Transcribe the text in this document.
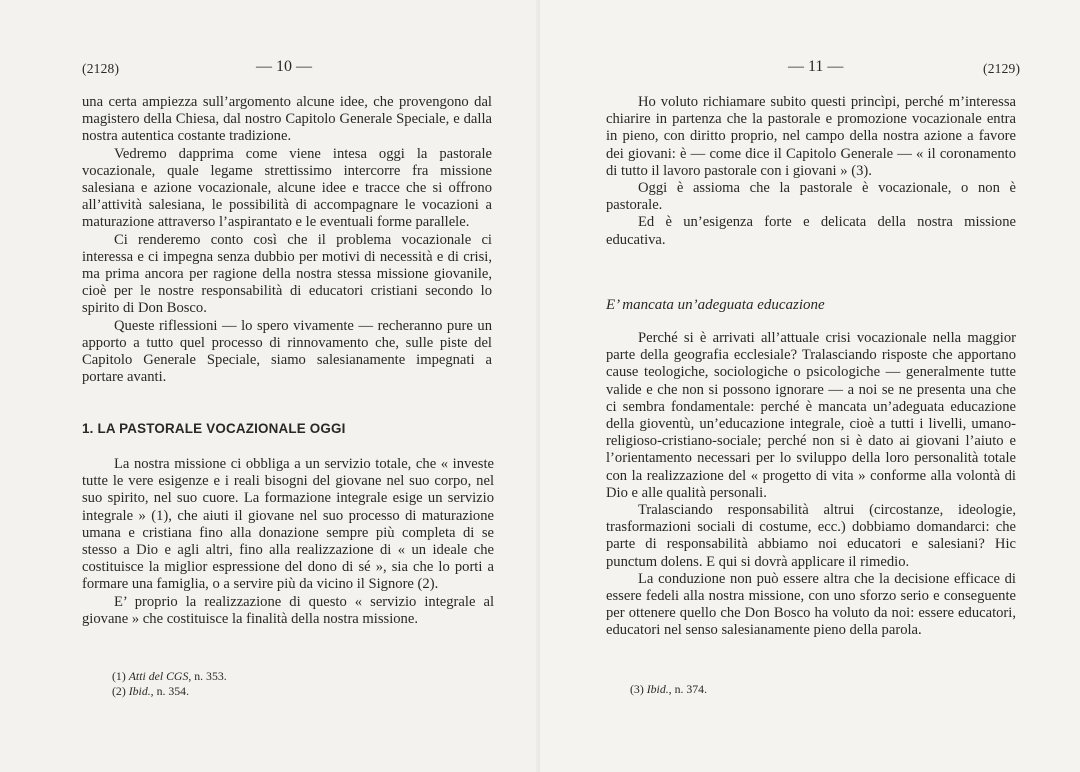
(2128)	— 10 —

una certa ampiezza sull’argomento alcune idee, che provengono dal magistero della Chiesa, dal nostro Capitolo Generale Speciale, e dalla nostra autentica costante tradizione.

Vedremo dapprima come viene intesa oggi la pastorale vocazionale, quale legame strettissimo intercorre fra missione salesiana e azione vocazionale, alcune idee e tracce che si offrono all’attività salesiana, le possibilità di accompagnare le vocazioni a maturazione attraverso l’aspirantato e le eventuali forme parallele.

Ci renderemo conto così che il problema vocazionale ci interessa e ci impegna senza dubbio per motivi di necessità e di crisi, ma prima ancora per ragione della nostra stessa missione giovanile, cioè per le nostre responsabilità di educatori cristiani secondo lo spirito di Don Bosco.

Queste riflessioni — lo spero vivamente — recheranno pure un apporto a tutto quel processo di rinnovamento che, sulle piste del Capitolo Generale Speciale, siamo salesianamente impegnati a portare avanti.

1. LA PASTORALE VOCAZIONALE OGGI

La nostra missione ci obbliga a un servizio totale, che « investe tutte le vere esigenze e i reali bisogni del giovane nel suo corpo, nel suo spirito, nel suo cuore. La formazione integrale esige un servizio integrale » (1), che aiuti il giovane nel suo processo di maturazione umana e cristiana fino alla donazione sempre più completa di se stesso a Dio e agli altri, fino alla realizzazione di « un ideale che costituisce la miglior espressione del dono di sé », sia che lo porti a formare una famiglia, o a servire più da vicino il Signore (2).

E’ proprio la realizzazione di questo « servizio integrale al giovane » che costituisce la finalità della nostra missione.

(1) Atti del CGS, n. 353.
(2) Ibid., n. 354.
— 11 —	(2129)

Ho voluto richiamare subito questi princìpi, perché m’interessa chiarire in partenza che la pastorale e promozione vocazionale entra in pieno, con diritto proprio, nel campo della nostra azione a favore dei giovani: è — come dice il Capitolo Generale — « il coronamento di tutto il lavoro pastorale con i giovani » (3).

Oggi è assioma che la pastorale è vocazionale, o non è pastorale.

Ed è un’esigenza forte e delicata della nostra missione educativa.

E’ mancata un’adeguata educazione

Perché si è arrivati all’attuale crisi vocazionale nella maggior parte della geografia ecclesiale? Tralasciando risposte che apportano cause teologiche, sociologiche o psicologiche — generalmente tutte valide e che non si possono ignorare — a noi se ne presenta una che ci sembra fondamentale: perché è mancata un’adeguata educazione della gioventù, un’educazione integrale, cioè a tutti i livelli, umano-religioso-cristiano-sociale; perché non si è dato ai giovani l’aiuto e l’orientamento necessari per lo sviluppo della loro personalità totale con la realizzazione del « progetto di vita » conforme alla volontà di Dio e alle qualità personali.

Tralasciando responsabilità altrui (circostanze, ideologie, trasformazioni sociali di costume, ecc.) dobbiamo domandarci: che parte di responsabilità abbiamo noi educatori e salesiani? Hic punctum dolens. E qui si dovrà applicare il rimedio.

La conduzione non può essere altra che la decisione efficace di essere fedeli alla nostra missione, con uno sforzo serio e conseguente per ottenere quello che Don Bosco ha voluto da noi: essere educatori, educatori nel senso salesianamente pieno della parola.

(3) Ibid., n. 374.
